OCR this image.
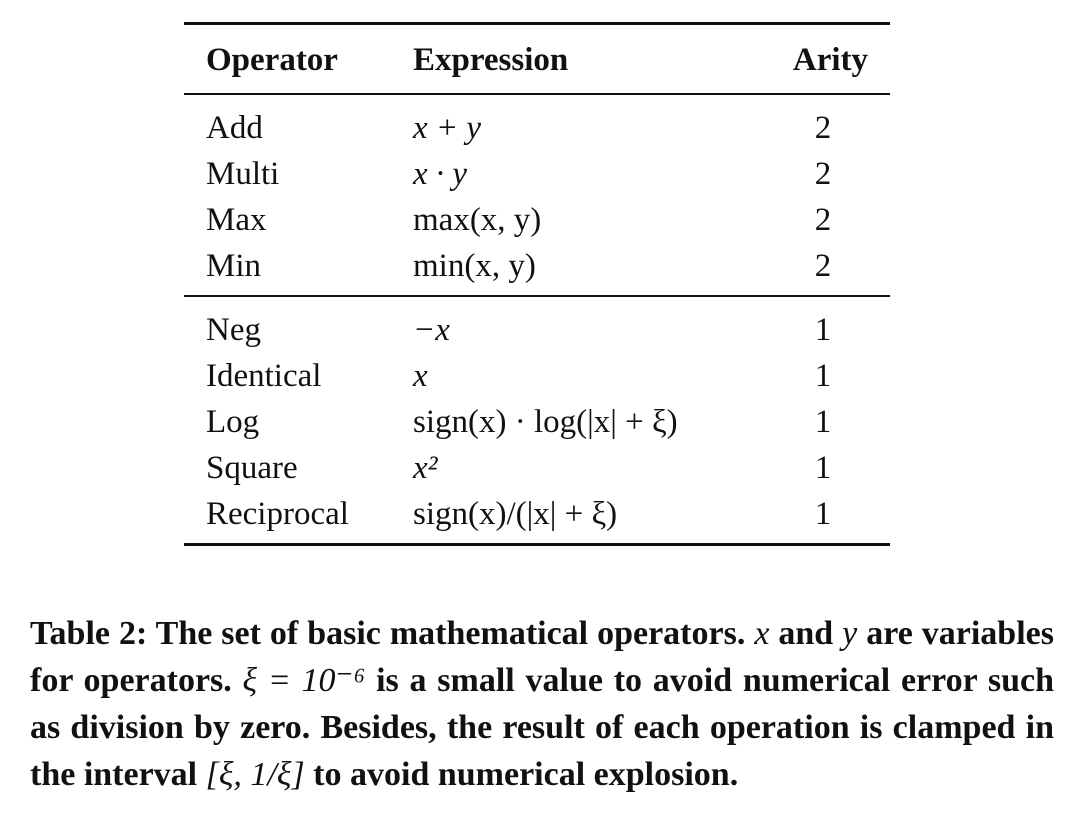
Operator	Expression	Arity
Add	x + y	2
Multi	x · y	2
Max	max(x, y)	2
Min	min(x, y)	2
Neg	−x	1
Identical	x	1
Log	sign(x) · log(|x| + ξ)	1
Square	x²	1
Reciprocal	sign(x)/(|x| + ξ)	1

Table 2: The set of basic mathematical operators. x and y are variables for operators. ξ = 10⁻⁶ is a small value to avoid numerical error such as division by zero. Besides, the result of each operation is clamped in the interval [ξ, 1/ξ] to avoid numerical explosion.
